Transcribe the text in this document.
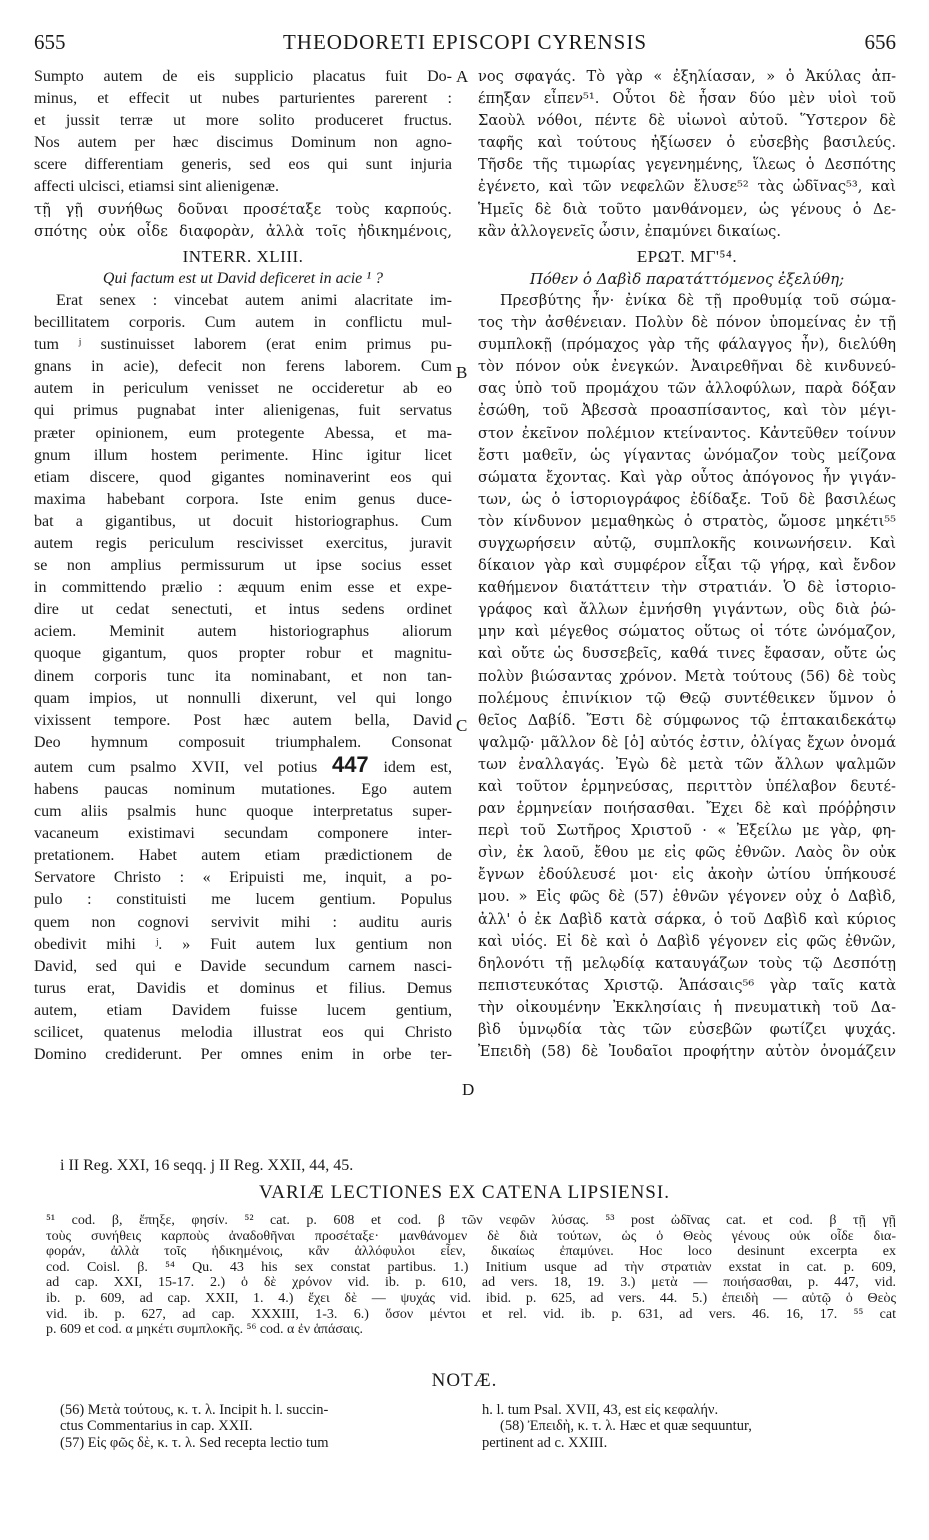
655	THEODORETI EPISCOPI CYRENSIS	656

Sumpto autem de eis supplicio placatus fuit Do-

minus, et effecit ut nubes parturientes parerent :

et jussit terræ ut more solito produceret fructus.

Nos autem per hæc discimus Dominum non agno-

scere differentiam generis, sed eos qui sunt injuria

affecti ulcisci, etiamsi sint alienigenæ.

τῇ γῇ συνήθως δοῦναι προσέταξε τοὺς καρπούς.

σπότης οὐκ οἶδε διαφορὰν, ἀλλὰ τοῖς ἠδικημένοις,

INTERR. XLIII.

Qui factum est ut David deficeret in acie ¹ ?

Erat senex : vincebat autem animi alacritate im-

becillitatem corporis. Cum autem in conflictu mul-

tum ʲ sustinuisset laborem (erat enim primus pu-

gnans in acie), defecit non ferens laborem. Cum

autem in periculum venisset ne occideretur ab eo

qui primus pugnabat inter alienigenas, fuit servatus

præter opinionem, eum protegente Abessa, et ma-

gnum illum hostem perimente. Hinc igitur licet

etiam discere, quod gigantes nominaverint eos qui

maxima habebant corpora. Iste enim genus duce-

bat a gigantibus, ut docuit historiographus. Cum

autem regis periculum rescivisset exercitus, juravit

se non amplius permissurum ut ipse socius esset

in committendo prælio : æquum enim esse et expe-

dire ut cedat senectuti, et intus sedens ordinet

aciem. Meminit autem historiographus aliorum

quoque gigantum, quos propter robur et magnitu-

dinem corporis tunc ita nominabant, et non tan-

quam impios, ut nonnulli dixerunt, vel qui longo

vixissent tempore. Post hæc autem bella, David

Deo hymnum composuit triumphalem. Consonat

autem cum psalmo XVII, vel potius 447 idem est,

habens paucas nominum mutationes. Ego autem

cum aliis psalmis hunc quoque interpretatus super-

vacaneum existimavi secundam componere inter-

pretationem. Habet autem etiam prædictionem de

Servatore Christo : « Eripuisti me, inquit, a po-

pulo : constituisti me lucem gentium. Populus

quem non cognovi servivit mihi : auditu auris

obedivit mihi ʲ. » Fuit autem lux gentium non

David, sed qui e Davide secundum carnem nasci-

turus erat, Davidis et dominus et filius. Demus

autem, etiam Davidem fuisse lucem gentium,

scilicet, quatenus melodia illustrat eos qui Christo

Domino crediderunt. Per omnes enim in orbe ter-

A
B
C
D

νος σφαγάς. Τὸ γὰρ « ἐξηλίασαν, » ὁ Ἀκύλας ἀπ-

έπηξαν εἶπεν⁵¹. Οὗτοι δὲ ἦσαν δύο μὲν υἱοὶ τοῦ

Σαοὺλ νόθοι, πέντε δὲ υἱωνοὶ αὐτοῦ. Ὕστερον δὲ

ταφῆς καὶ τούτους ἠξίωσεν ὁ εὐσεβὴς βασιλεύς.

Τῆσδε τῆς τιμωρίας γεγενημένης, ἵλεως ὁ Δεσπότης

ἐγένετο, καὶ τῶν νεφελῶν ἔλυσε⁵² τὰς ὠδῖνας⁵³, καὶ

Ἡμεῖς δὲ διὰ τοῦτο μανθάνομεν, ὡς γένους ὁ Δε-

κἂν ἀλλογενεῖς ὦσιν, ἐπαμύνει δικαίως.

ΕΡΩΤ. ΜΓ'⁵⁴.

Πόθεν ὁ Δαβὶδ παρατάττόμενος ἐξελύθη;

Πρεσβύτης ἦν· ἐνίκα δὲ τῇ προθυμίᾳ τοῦ σώμα-

τος τὴν ἀσθένειαν. Πολὺν δὲ πόνον ὑπομείνας ἐν τῇ

συμπλοκῇ (πρόμαχος γὰρ τῆς φάλαγγος ἦν), διελύθη

τὸν πόνον οὐκ ἐνεγκών. Ἀναιρεθῆναι δὲ κινδυνεύ-

σας ὑπὸ τοῦ προμάχου τῶν ἀλλοφύλων, παρὰ δόξαν

ἐσώθη, τοῦ Ἀβεσσὰ προασπίσαντος, καὶ τὸν μέγι-

στον ἐκεῖνον πολέμιον κτείναντος. Κἀντεῦθεν τοίνυν

ἔστι μαθεῖν, ὡς γίγαντας ὠνόμαζον τοὺς μείζονα

σώματα ἔχοντας. Καὶ γὰρ οὗτος ἀπόγονος ἦν γιγάν-

των, ὡς ὁ ἱστοριογράφος ἐδίδαξε. Τοῦ δὲ βασιλέως

τὸν κίνδυνον μεμαθηκὼς ὁ στρατὸς, ὤμοσε μηκέτι⁵⁵

συγχωρήσειν αὐτῷ, συμπλοκῆς κοινωνήσειν. Καὶ

δίκαιον γὰρ καὶ συμφέρον εἶξαι τῷ γήρᾳ, καὶ ἔνδον

καθήμενον διατάττειν τὴν στρατιάν. Ὁ δὲ ἱστοριο-

γράφος καὶ ἄλλων ἐμνήσθη γιγάντων, οὓς διὰ ῥώ-

μην καὶ μέγεθος σώματος οὕτως οἱ τότε ὠνόμαζον,

καὶ οὔτε ὡς δυσσεβεῖς, καθά τινες ἔφασαν, οὔτε ὡς

πολὺν βιώσαντας χρόνον. Μετὰ τούτους (56) δὲ τοὺς

πολέμους ἐπινίκιον τῷ Θεῷ συντέθεικεν ὕμνον ὁ

θεῖος Δαβίδ. Ἔστι δὲ σύμφωνος τῷ ἑπτακαιδεκάτῳ

ψαλμῷ· μᾶλλον δὲ [ὁ] αὐτός ἐστιν, ὀλίγας ἔχων ὀνομά

των ἐναλλαγάς. Ἐγὼ δὲ μετὰ τῶν ἄλλων ψαλμῶν

καὶ τοῦτον ἑρμηνεύσας, περιττὸν ὑπέλαβον δευτέ-

ραν ἑρμηνείαν ποιήσασθαι. Ἔχει δὲ καὶ πρόῤῥησιν

περὶ τοῦ Σωτῆρος Χριστοῦ · « Ἐξείλω με γὰρ, φη-

σὶν, ἐκ λαοῦ, ἔθου με εἰς φῶς ἐθνῶν. Λαὸς ὃν οὐκ

ἔγνων ἐδούλευσέ μοι· εἰς ἀκοὴν ὠτίου ὑπήκουσέ

μου. » Εἰς φῶς δὲ (57) ἐθνῶν γέγονεν οὐχ ὁ Δαβὶδ,

ἀλλ' ὁ ἐκ Δαβὶδ κατὰ σάρκα, ὁ τοῦ Δαβὶδ καὶ κύριος

καὶ υἱός. Εἰ δὲ καὶ ὁ Δαβὶδ γέγονεν εἰς φῶς ἐθνῶν,

δηλονότι τῇ μελῳδίᾳ καταυγάζων τοὺς τῷ Δεσπότῃ

πεπιστευκότας Χριστῷ. Ἁπάσαις⁵⁶ γὰρ ταῖς κατὰ

τὴν οἰκουμένην Ἐκκλησίαις ἡ πνευματικὴ τοῦ Δα-

βὶδ ὑμνῳδία τὰς τῶν εὐσεβῶν φωτίζει ψυχάς.

Ἐπειδὴ (58) δὲ Ἰουδαῖοι προφήτην αὐτὸν ὀνομάζειν

i II Reg. XXI, 16 seqq. j II Reg. XXII, 44, 45.
VARIÆ LECTIONES EX CATENA LIPSIENSI.

⁵¹ cod. β, ἔπηξε, φησίν. ⁵² cat. p. 608 et cod. β τῶν νεφῶν λύσας. ⁵³ post ὠδῖνας cat. et cod. β τῇ γῇ

τοὺς συνήθεις καρποὺς ἀναδοθῆναι προσέταξε· μανθάνομεν δὲ διὰ τούτων, ὡς ὁ Θεὸς γένους οὐκ οἶδε δια-

φοράν, ἀλλὰ τοῖς ἠδικημένοις, κἂν ἀλλόφυλοι εἶεν, δικαίως ἐπαμύνει. Hoc loco desinunt excerpta ex

cod. Coisl. β. ⁵⁴ Qu. 43 his sex constat partibus. 1.) Initium usque ad τὴν στρατιὰν exstat in cat. p. 609,

ad cap. XXI, 15-17. 2.) ὁ δὲ χρόνον vid. ib. p. 610, ad vers. 18, 19. 3.) μετὰ — ποιήσασθαι, p. 447, vid.

ib. p. 609, ad cap. XXII, 1. 4.) ἔχει δὲ — ψυχάς vid. ibid. p. 625, ad vers. 44. 5.) ἐπειδὴ — αὐτῷ ὁ Θεὸς

vid. ib. p. 627, ad cap. XXXIII, 1-3. 6.) ὅσον μέντοι et rel. vid. ib. p. 631, ad vers. 46. 16, 17. ⁵⁵ cat

p. 609 et cod. α μηκέτι συμπλοκῆς. ⁵⁶ cod. α ἐν ἁπάσαις.

NOTÆ.

(56) Μετὰ τούτους, κ. τ. λ. Incipit h. l. succin-

ctus Commentarius in cap. XXII.

(57) Εἰς φῶς δὲ, κ. τ. λ. Sed recepta lectio tum

h. l. tum Psal. XVII, 43, est εἰς κεφαλήν.

(58) Ἐπειδὴ, κ. τ. λ. Hæc et quæ sequuntur,

pertinent ad c. XXIII.
